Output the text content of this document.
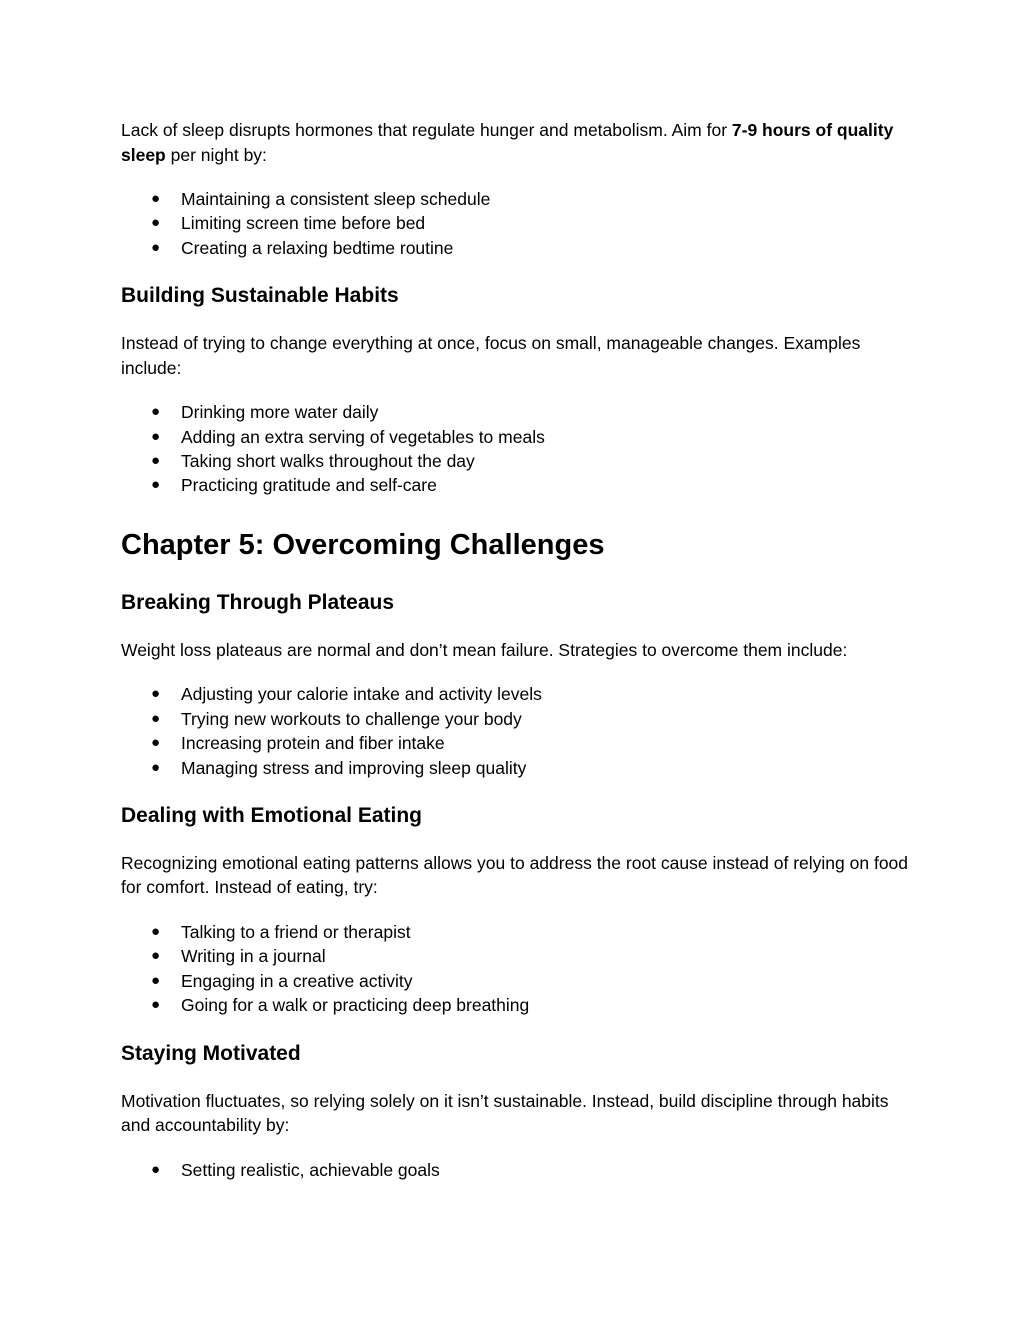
Lack of sleep disrupts hormones that regulate hunger and metabolism. Aim for 7-9 hours of quality sleep per night by:

● Maintaining a consistent sleep schedule
● Limiting screen time before bed
● Creating a relaxing bedtime routine
Building Sustainable Habits

Instead of trying to change everything at once, focus on small, manageable changes. Examples include:

● Drinking more water daily
● Adding an extra serving of vegetables to meals
● Taking short walks throughout the day
● Practicing gratitude and self-care
Chapter 5: Overcoming Challenges
Breaking Through Plateaus

Weight loss plateaus are normal and don’t mean failure. Strategies to overcome them include:

● Adjusting your calorie intake and activity levels
● Trying new workouts to challenge your body
● Increasing protein and fiber intake
● Managing stress and improving sleep quality
Dealing with Emotional Eating

Recognizing emotional eating patterns allows you to address the root cause instead of relying on food for comfort. Instead of eating, try:

● Talking to a friend or therapist
● Writing in a journal
● Engaging in a creative activity
● Going for a walk or practicing deep breathing
Staying Motivated

Motivation fluctuates, so relying solely on it isn’t sustainable. Instead, build discipline through habits and accountability by:

● Setting realistic, achievable goals
